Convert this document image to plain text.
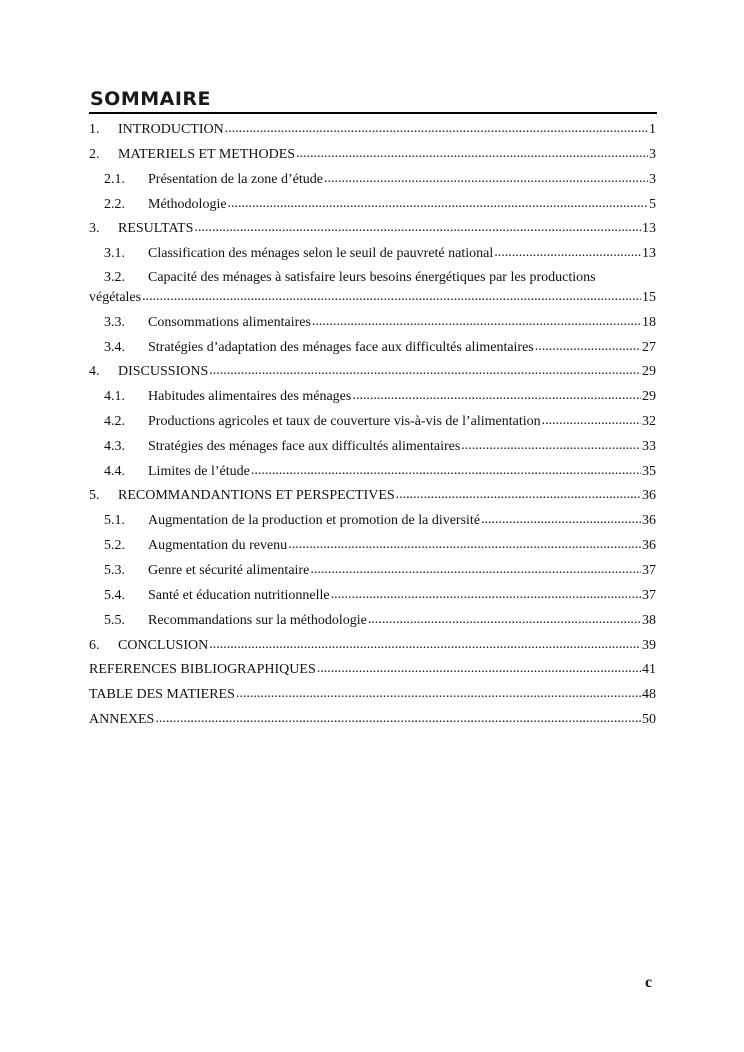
SOMMAIRE
1.	INTRODUCTION .....	1
2.	MATERIELS ET METHODES .....	3
2.1.	Présentation de la zone d’étude .....	3
2.2.	Méthodologie .....	5
3.	RESULTATS .....	13
3.1.	Classification des ménages selon le seuil de pauvreté national .....	13
3.2. Capacité des ménages à satisfaire leurs besoins énergétiques par les productions
végétales .....	15
3.3.	Consommations alimentaires .....	18
3.4.	Stratégies d’adaptation des ménages face aux difficultés alimentaires .....	27
4.	DISCUSSIONS .....	29
4.1.	Habitudes alimentaires des ménages .....	29
4.2.	Productions agricoles et taux de couverture vis-à-vis de l’alimentation .....	32
4.3.	Stratégies des ménages face aux difficultés alimentaires .....	33
4.4.	Limites de l’étude .....	35
5.	RECOMMANDANTIONS ET PERSPECTIVES .....	36
5.1.	Augmentation de la production et promotion de la diversité .....	36
5.2.	Augmentation du revenu .....	36
5.3.	Genre et sécurité alimentaire .....	37
5.4.	Santé et éducation nutritionnelle .....	37
5.5.	Recommandations sur la méthodologie .....	38
6.	CONCLUSION .....	39
REFERENCES BIBLIOGRAPHIQUES .....	41
TABLE DES MATIERES .....	48
ANNEXES .....	50
c
